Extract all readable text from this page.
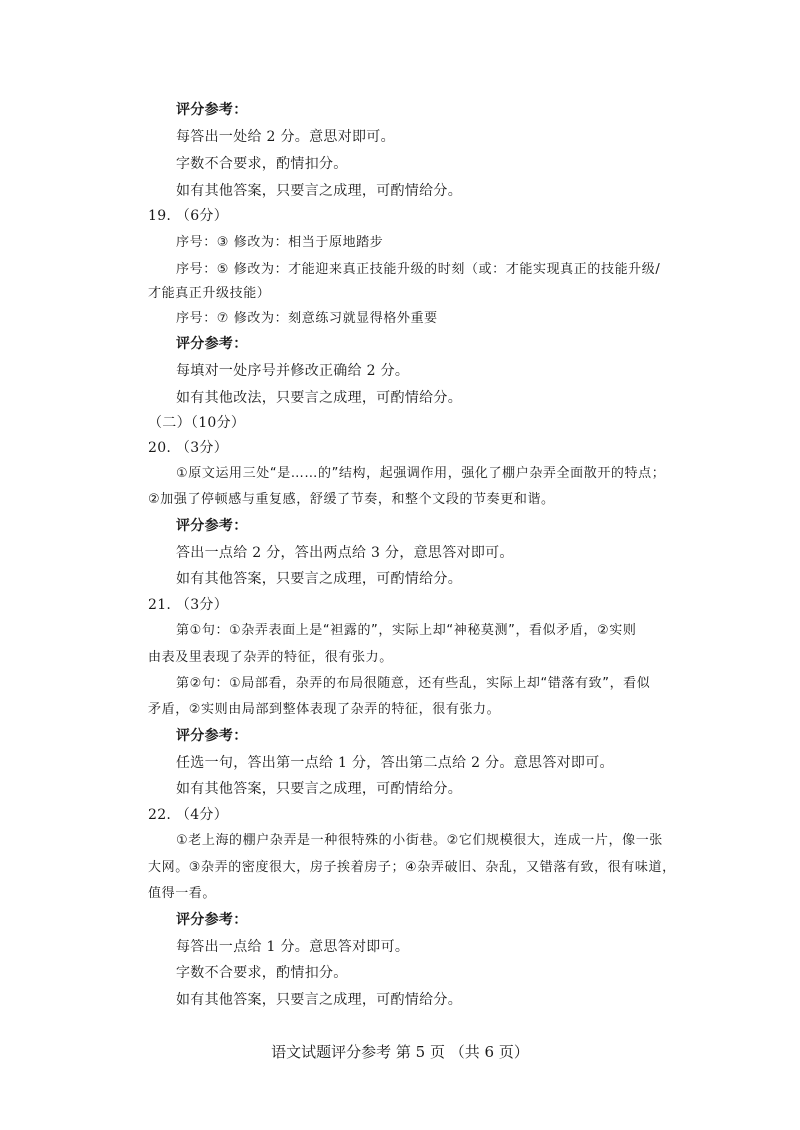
评分参考：
每答出一处给 2 分。意思对即可。
字数不合要求，酌情扣分。
如有其他答案，只要言之成理，可酌情给分。
19. （6分）
序号：③ 修改为：相当于原地踏步
序号：⑤ 修改为：才能迎来真正技能升级的时刻（或：才能实现真正的技能升级/
才能真正升级技能）
序号：⑦ 修改为：刻意练习就显得格外重要
评分参考：
每填对一处序号并修改正确给 2 分。
如有其他改法，只要言之成理，可酌情给分。
（二）（10分）
20. （3分）
①原文运用三处“是……的”结构，起强调作用，强化了棚户杂弄全面散开的特点；
②加强了停顿感与重复感，舒缓了节奏，和整个文段的节奏更和谐。
评分参考：
答出一点给 2 分，答出两点给 3 分，意思答对即可。
如有其他答案，只要言之成理，可酌情给分。
21. （3分）
第①句：①杂弄表面上是“袒露的”，实际上却“神秘莫测”，看似矛盾，②实则
由表及里表现了杂弄的特征，很有张力。
第②句：①局部看，杂弄的布局很随意，还有些乱，实际上却“错落有致”，看似
矛盾，②实则由局部到整体表现了杂弄的特征，很有张力。
评分参考：
任选一句，答出第一点给 1 分，答出第二点给 2 分。意思答对即可。
如有其他答案，只要言之成理，可酌情给分。
22. （4分）
①老上海的棚户杂弄是一种很特殊的小街巷。②它们规模很大，连成一片，像一张
大网。③杂弄的密度很大，房子挨着房子；④杂弄破旧、杂乱，又错落有致，很有味道，
值得一看。
评分参考：
每答出一点给 1 分。意思答对即可。
字数不合要求，酌情扣分。
如有其他答案，只要言之成理，可酌情给分。
语文试题评分参考 第 5 页 （共 6 页）
